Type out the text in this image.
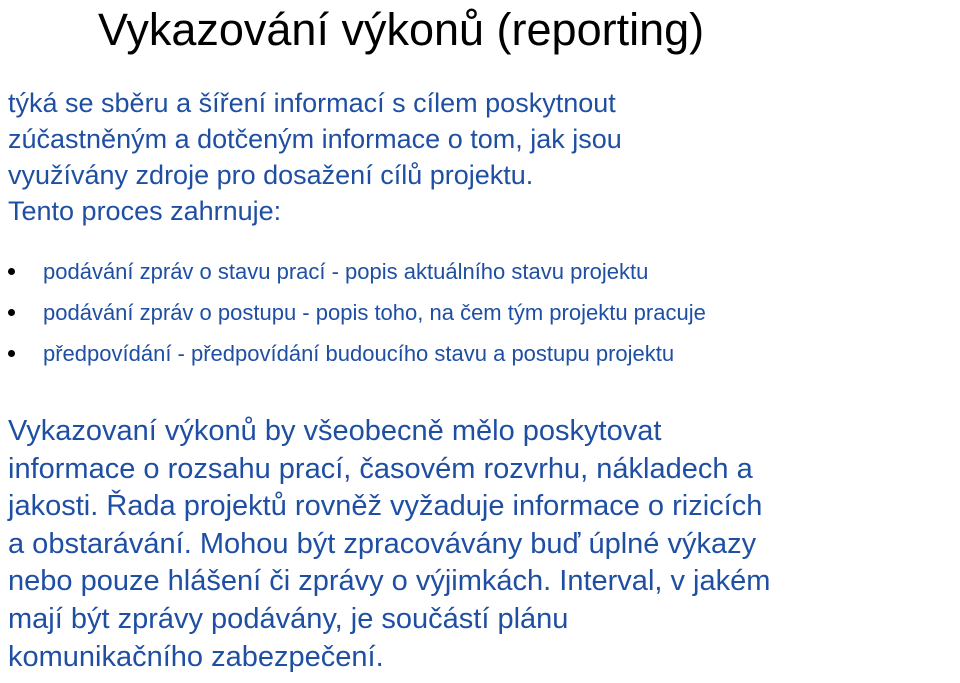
Vykazování výkonů (reporting)

týká se sběru a šíření informací s cílem poskytnout
zúčastněným a dotčeným informace o tom, jak jsou
využívány zdroje pro dosažení cílů projektu.
Tento proces zahrnuje:

podávání zpráv o stavu prací - popis aktuálního stavu projektu
podávání zpráv o postupu - popis toho, na čem tým projektu pracuje
předpovídání - předpovídání budoucího stavu a postupu projektu

Vykazovaní výkonů by všeobecně mělo poskytovat
informace o rozsahu prací, časovém rozvrhu, nákladech a
jakosti. Řada projektů rovněž vyžaduje informace o rizicích
a obstarávání. Mohou být zpracovávány buď úplné výkazy
nebo pouze hlášení či zprávy o výjimkách. Interval, v jakém
mají být zprávy podávány, je součástí plánu
komunikačního zabezpečení.
